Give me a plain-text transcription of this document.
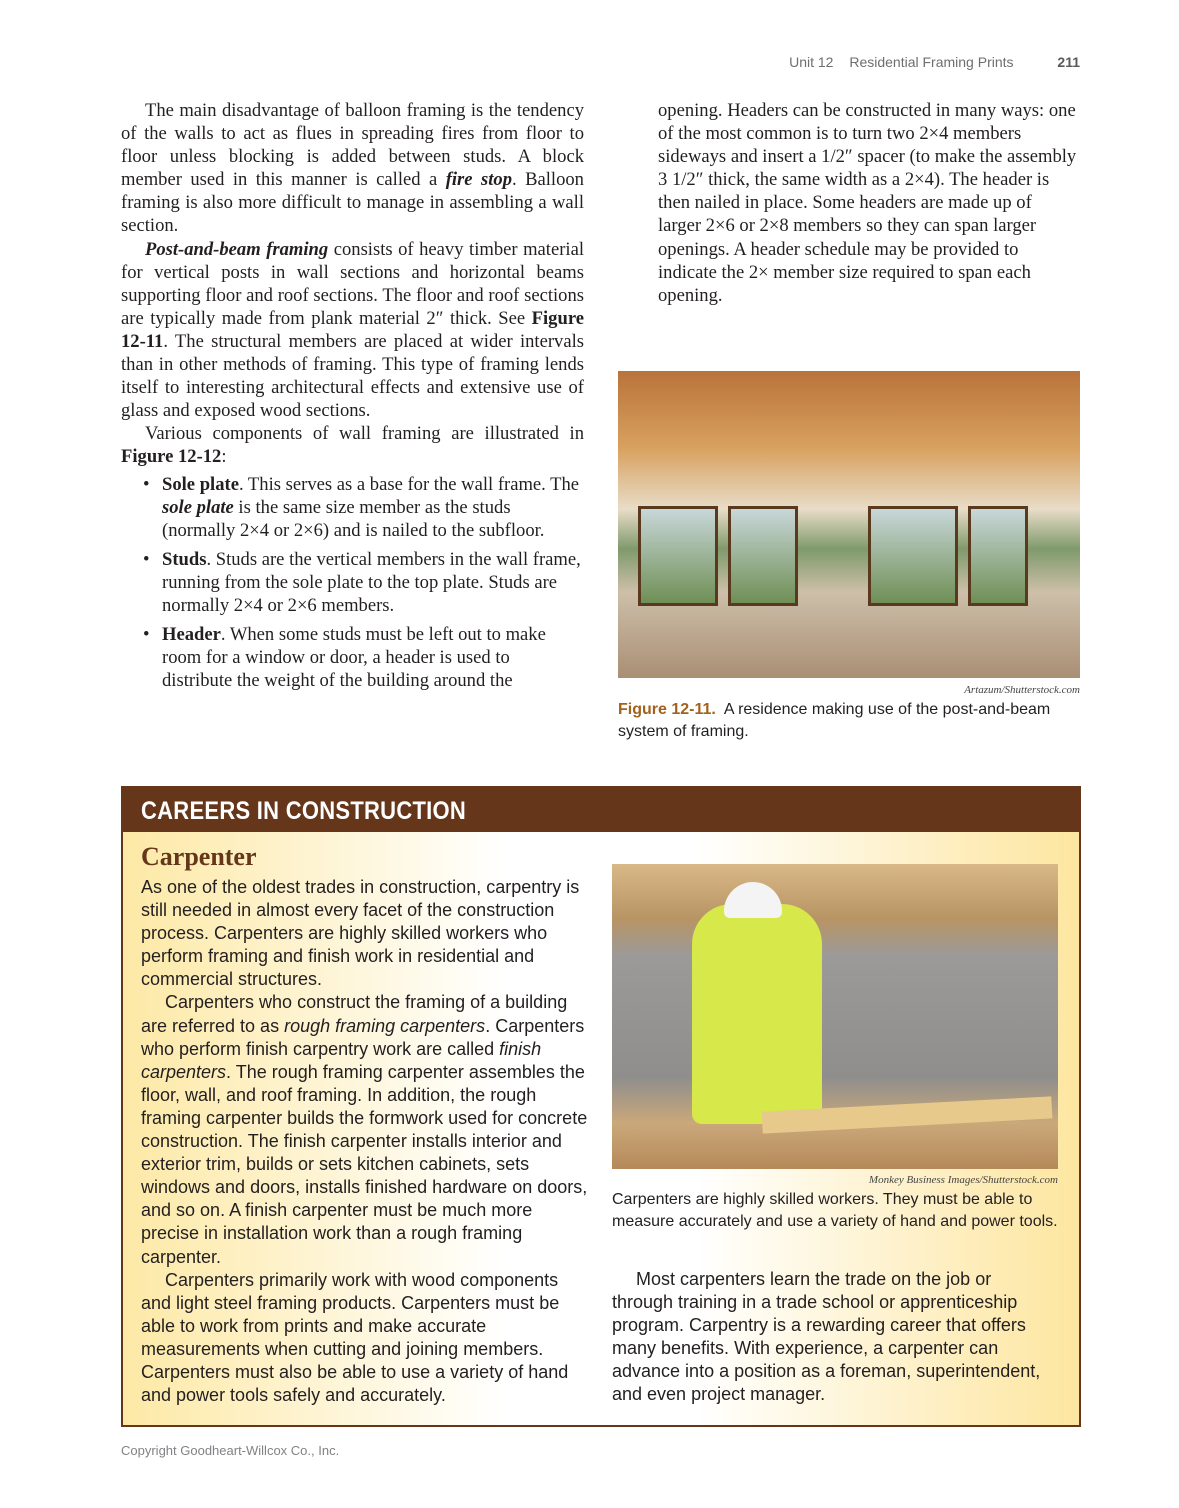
Unit 12 Residential Framing Prints	211

The main disadvantage of balloon framing is the tendency of the walls to act as flues in spreading fires from floor to floor unless blocking is added between studs. A block member used in this manner is called a fire stop. Balloon framing is also more difficult to manage in assembling a wall section.

Post-and-beam framing consists of heavy timber material for vertical posts in wall sections and horizontal beams supporting floor and roof sections. The floor and roof sections are typically made from plank material 2″ thick. See Figure 12-11. The structural members are placed at wider intervals than in other methods of framing. This type of framing lends itself to interesting architectural effects and extensive use of glass and exposed wood sections.

Various components of wall framing are illustrated in Figure 12-12:

• Sole plate. This serves as a base for the wall frame. The sole plate is the same size member as the studs (normally 2×4 or 2×6) and is nailed to the subfloor.
• Studs. Studs are the vertical members in the wall frame, running from the sole plate to the top plate. Studs are normally 2×4 or 2×6 members.
• Header. When some studs must be left out to make room for a window or door, a header is used to distribute the weight of the building around the

opening. Headers can be constructed in many ways: one of the most common is to turn two 2×4 members sideways and insert a 1/2″ spacer (to make the assembly 3 1/2″ thick, the same width as a 2×4). The header is then nailed in place. Some headers are made up of larger 2×6 or 2×8 members so they can span larger openings. A header schedule may be provided to indicate the 2× member size required to span each opening.

Artazum/Shutterstock.com
Figure 12-11. A residence making use of the post-and-beam system of framing.
CAREERS IN CONSTRUCTION
Carpenter

As one of the oldest trades in construction, carpentry is still needed in almost every facet of the construction process. Carpenters are highly skilled workers who perform framing and finish work in residential and commercial structures.

Carpenters who construct the framing of a building are referred to as rough framing carpenters. Carpenters who perform finish carpentry work are called finish carpenters. The rough framing carpenter assembles the floor, wall, and roof framing. In addition, the rough framing carpenter builds the formwork used for concrete construction. The finish carpenter installs interior and exterior trim, builds or sets kitchen cabinets, sets windows and doors, installs finished hardware on doors, and so on. A finish carpenter must be much more precise in installation work than a rough framing carpenter.

Carpenters primarily work with wood components and light steel framing products. Carpenters must be able to work from prints and make accurate measurements when cutting and joining members. Carpenters must also be able to use a variety of hand and power tools safely and accurately.

Monkey Business Images/Shutterstock.com
Carpenters are highly skilled workers. They must be able to measure accurately and use a variety of hand and power tools.

Most carpenters learn the trade on the job or through training in a trade school or apprenticeship program. Carpentry is a rewarding career that offers many benefits. With experience, a carpenter can advance into a position as a foreman, superintendent, and even project manager.

Copyright Goodheart-Willcox Co., Inc.
